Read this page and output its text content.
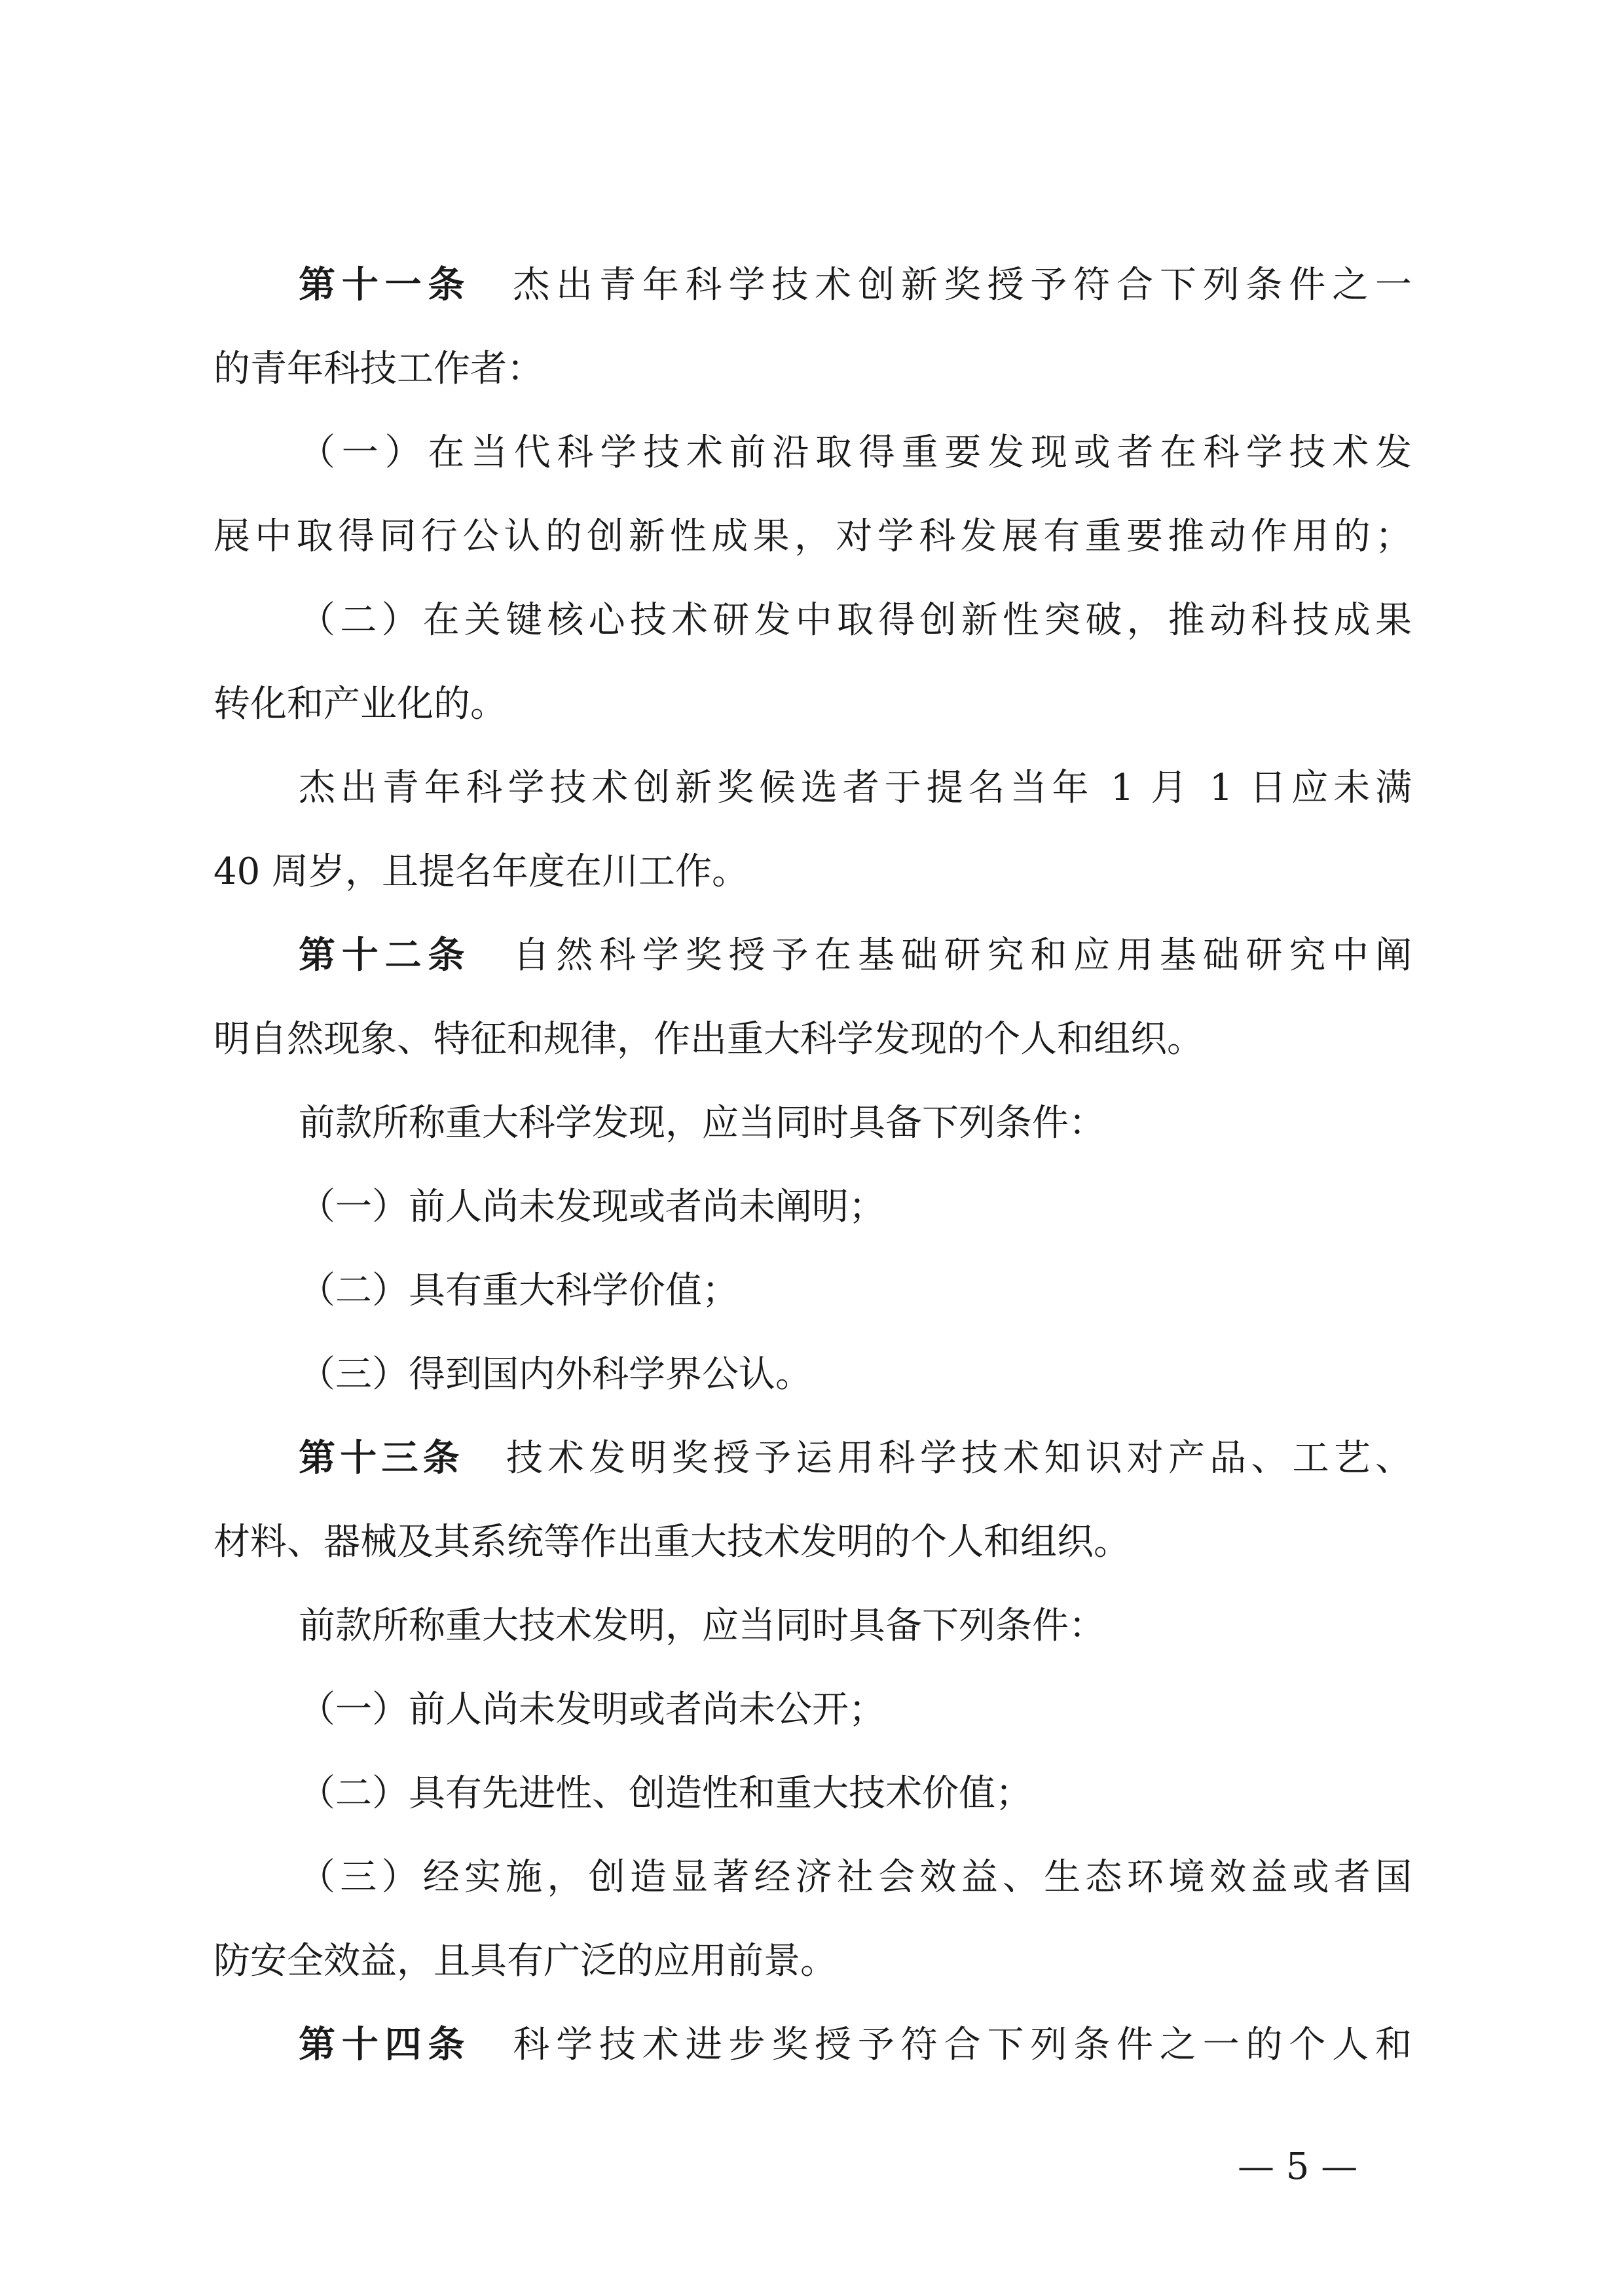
第十一条 杰出青年科学技术创新奖授予符合下列条件之一
的青年科技工作者：
（一）在当代科学技术前沿取得重要发现或者在科学技术发
展中取得同行公认的创新性成果，对学科发展有重要推动作用的；
（二）在关键核心技术研发中取得创新性突破，推动科技成果
转化和产业化的。
杰出青年科学技术创新奖候选者于提名当年 1 月 1 日应未满
40 周岁，且提名年度在川工作。
第十二条 自然科学奖授予在基础研究和应用基础研究中阐
明自然现象、特征和规律，作出重大科学发现的个人和组织。
前款所称重大科学发现，应当同时具备下列条件：
（一）前人尚未发现或者尚未阐明；
（二）具有重大科学价值；
（三）得到国内外科学界公认。
第十三条 技术发明奖授予运用科学技术知识对产品、工艺、
材料、器械及其系统等作出重大技术发明的个人和组织。
前款所称重大技术发明，应当同时具备下列条件：
（一）前人尚未发明或者尚未公开；
（二）具有先进性、创造性和重大技术价值；
（三）经实施，创造显著经济社会效益、生态环境效益或者国
防安全效益，且具有广泛的应用前景。
第十四条 科学技术进步奖授予符合下列条件之一的个人和
— 5 —
